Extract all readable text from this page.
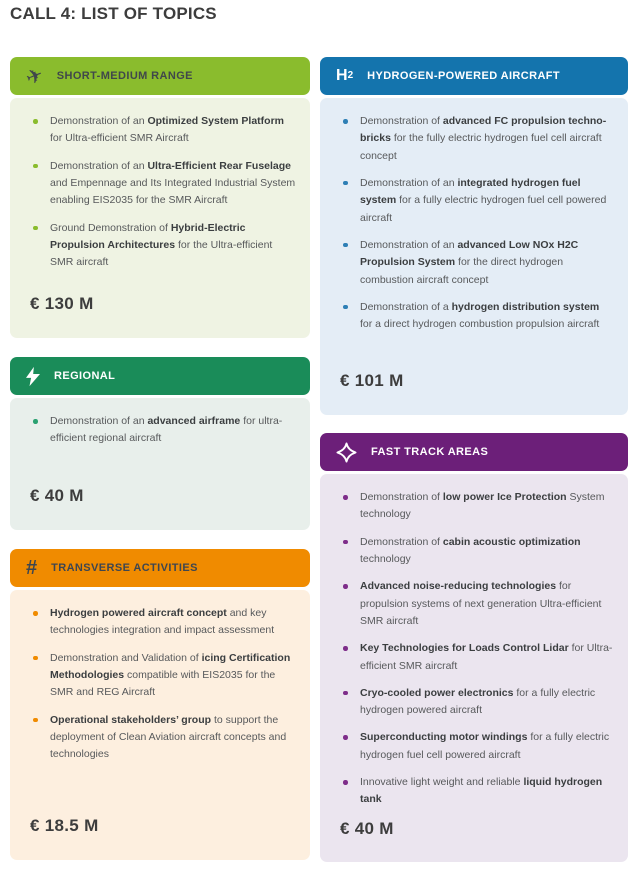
CALL 4: LIST OF TOPICS
✈ SHORT-MEDIUM RANGE
Demonstration of an Optimized System Platform for Ultra-efficient SMR Aircraft
Demonstration of an Ultra-Efficient Rear Fuselage and Empennage and Its Integrated Industrial System enabling EIS2035 for the SMR Aircraft
Ground Demonstration of Hybrid-Electric Propulsion Architectures for the Ultra-efficient SMR aircraft
€ 130 M
REGIONAL
Demonstration of an advanced airframe for ultra-efficient regional aircraft
€ 40 M
# TRANSVERSE ACTIVITIES
Hydrogen powered aircraft concept and key technologies integration and impact assessment
Demonstration and Validation of icing Certification Methodologies compatible with EIS2035 for the SMR and REG Aircraft
Operational stakeholders’ group to support the deployment of Clean Aviation aircraft concepts and technologies
€ 18.5 M
H 2 HYDROGEN-POWERED AIRCRAFT
Demonstration of advanced FC propulsion techno-bricks for the fully electric hydrogen fuel cell aircraft concept
Demonstration of an integrated hydrogen fuel system for a fully electric hydrogen fuel cell powered aircraft
Demonstration of an advanced Low NOx H2C Propulsion System for the direct hydrogen combustion aircraft concept
Demonstration of a hydrogen distribution system for a direct hydrogen combustion propulsion aircraft
€ 101 M
FAST TRACK AREAS
Demonstration of low power Ice Protection System technology
Demonstration of cabin acoustic optimization technology
Advanced noise-reducing technologies for propulsion systems of next generation Ultra-efficient SMR aircraft
Key Technologies for Loads Control Lidar for Ultra-efficient SMR aircraft
Cryo-cooled power electronics for a fully electric hydrogen powered aircraft
Superconducting motor windings for a fully electric hydrogen fuel cell powered aircraft
Innovative light weight and reliable liquid hydrogen tank
€ 40 M
